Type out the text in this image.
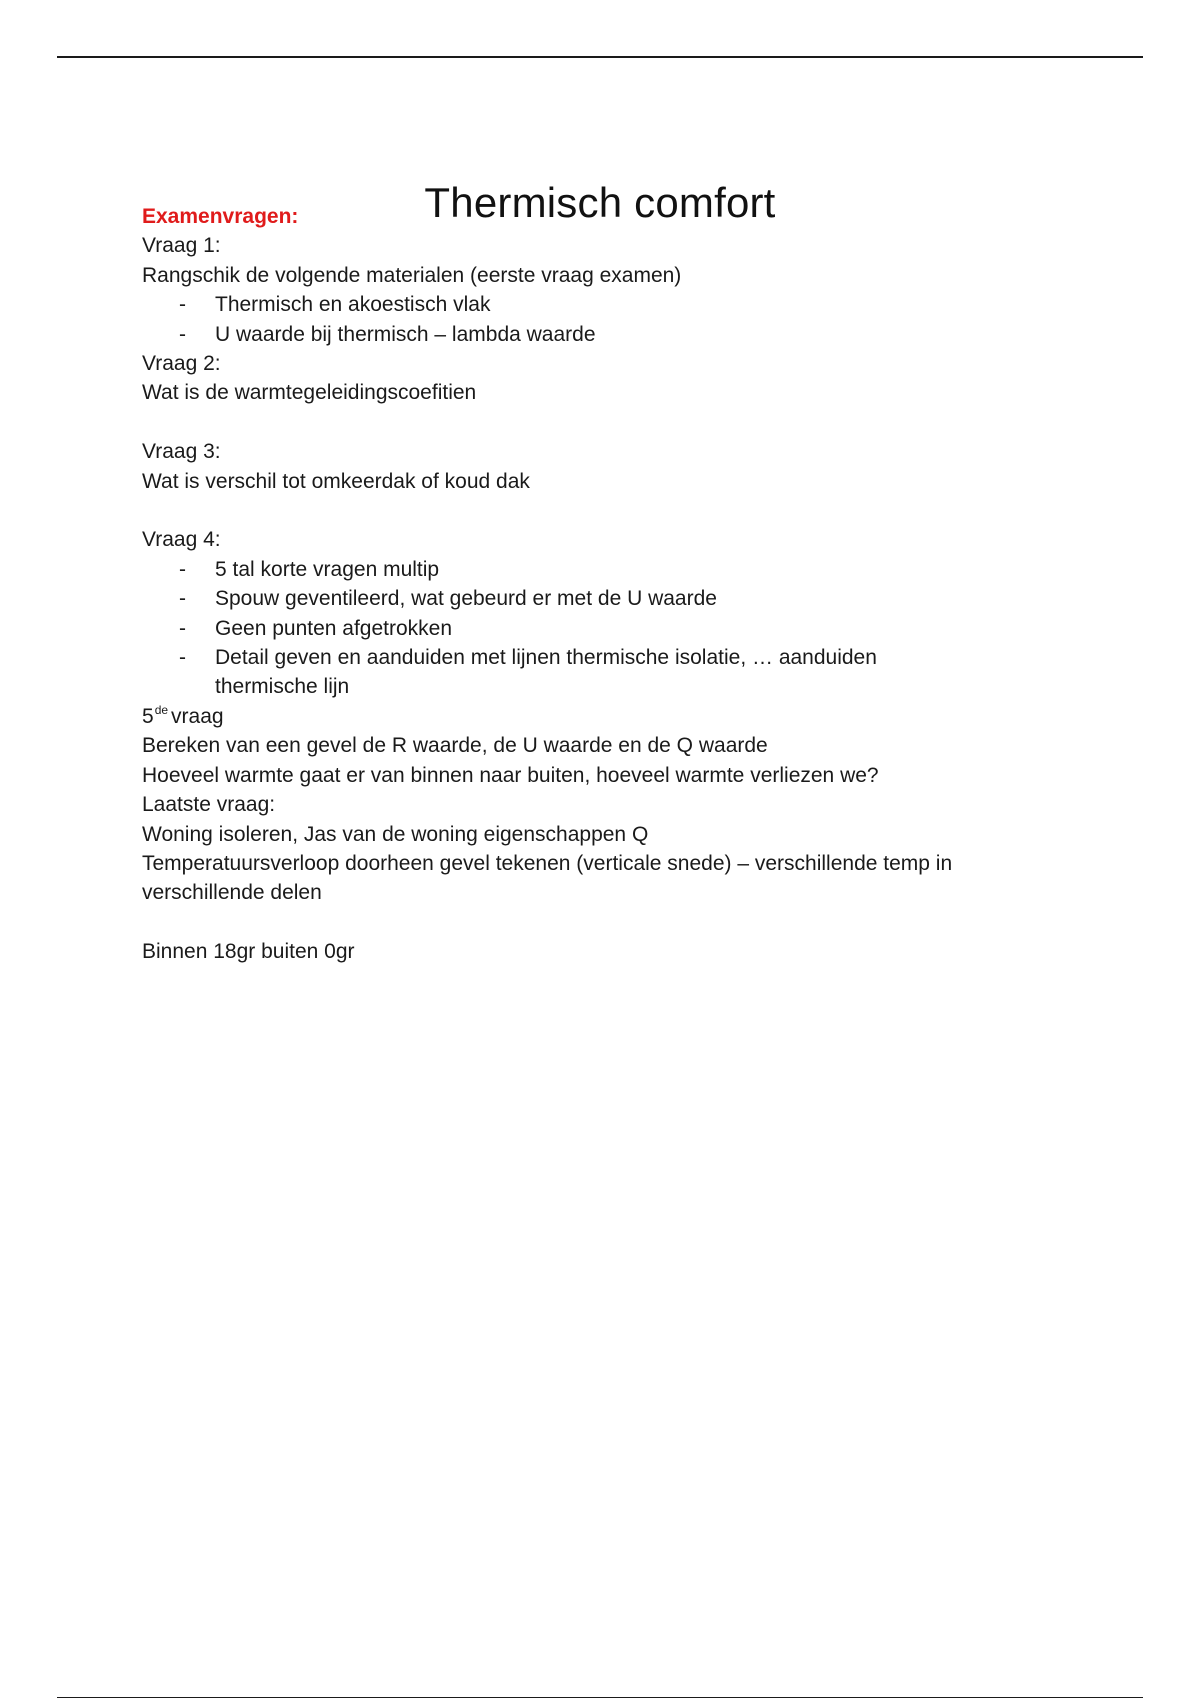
Thermisch comfort
Examenvragen:
Vraag 1:
Rangschik de volgende materialen (eerste vraag examen)
- Thermisch en akoestisch vlak
- U waarde bij thermisch – lambda waarde
Vraag 2:
Wat is de warmtegeleidingscoefitien
Vraag 3:
Wat is verschil tot omkeerdak of koud dak
Vraag 4:
- 5 tal korte vragen multip
- Spouw geventileerd, wat gebeurd er met de U waarde
- Geen punten afgetrokken
- Detail geven en aanduiden met lijnen thermische isolatie, … aanduiden thermische lijn
5de vraag
Bereken van een gevel de R waarde, de U waarde en de Q waarde
Hoeveel warmte gaat er van binnen naar buiten, hoeveel warmte verliezen we?
Laatste vraag:
Woning isoleren, Jas van de woning eigenschappen Q
Temperatuursverloop doorheen gevel tekenen (verticale snede) – verschillende temp in verschillende delen
Binnen 18gr buiten 0gr
